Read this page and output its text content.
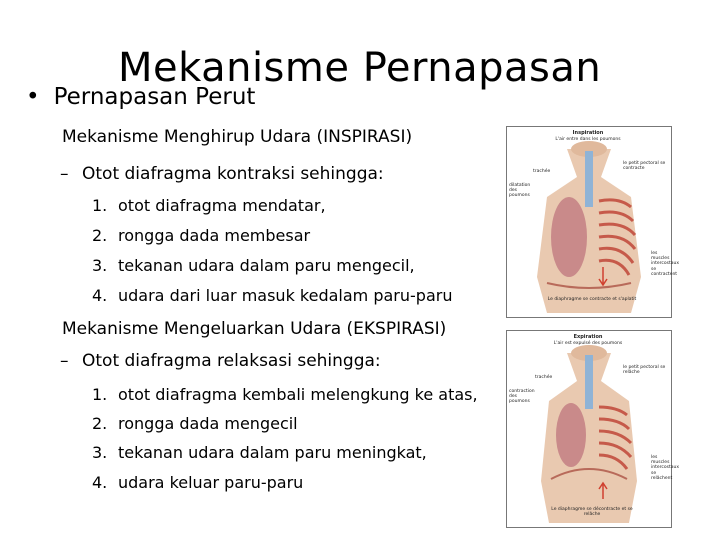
Mekanisme Pernapasan
• Pernapasan Perut
Mekanisme Menghirup Udara (INSPIRASI)
– Otot diafragma kontraksi sehingga:
1. otot diafragma mendatar,
2. rongga dada membesar
3. tekanan udara dalam paru mengecil,
4. udara dari luar masuk kedalam paru-paru
Mekanisme Mengeluarkan Udara (EKSPIRASI)
– Otot diafragma relaksasi sehingga:
1. otot diafragma kembali melengkung ke atas,
2. rongga dada mengecil
3. tekanan udara dalam paru meningkat,
4. udara keluar paru-paru
Inspiration
L'air entre dans les poumons
trachée
dilatation des poumons
le petit pectoral se contracte
les muscles intercostaux se contractent
Le diaphragme se contracte et s'aplatit
Expiration
L'air est expulsé des poumons
trachée
contraction des poumons
le petit pectoral se relâche
les muscles intercostaux se relâchent
Le diaphragme se décontracte et se relâche
